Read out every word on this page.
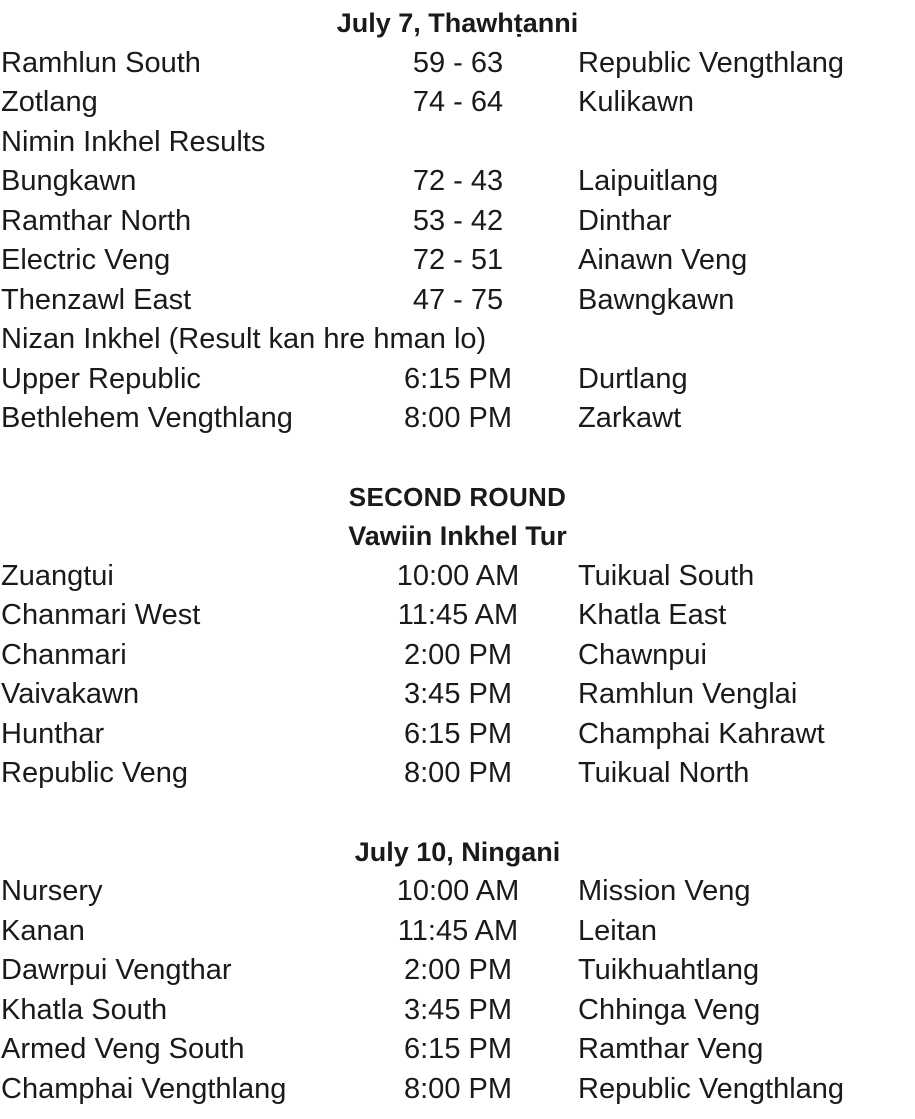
July 7, Thawhṭanni
Ramhlun South	59 - 63	Republic Vengthlang
Zotlang	74 - 64	Kulikawn
Nimin Inkhel Results
Bungkawn	72 - 43	Laipuitlang
Ramthar North	53 - 42	Dinthar
Electric Veng	72 - 51	Ainawn Veng
Thenzawl East	47 - 75	Bawngkawn
Nizan Inkhel (Result kan hre hman lo)
Upper Republic	6:15 PM	Durtlang
Bethlehem Vengthlang	8:00 PM	Zarkawt
SECOND ROUND
Vawiin Inkhel Tur
Zuangtui	10:00 AM	Tuikual South
Chanmari West	11:45 AM	Khatla East
Chanmari	2:00 PM	Chawnpui
Vaivakawn	3:45 PM	Ramhlun Venglai
Hunthar	6:15 PM	Champhai Kahrawt
Republic Veng	8:00 PM	Tuikual North
July 10, Ningani
Nursery	10:00 AM	Mission Veng
Kanan	11:45 AM	Leitan
Dawrpui Vengthar	2:00 PM	Tuikhuahtlang
Khatla South	3:45 PM	Chhinga Veng
Armed Veng South	6:15 PM	Ramthar Veng
Champhai Vengthlang	8:00 PM	Republic Vengthlang
